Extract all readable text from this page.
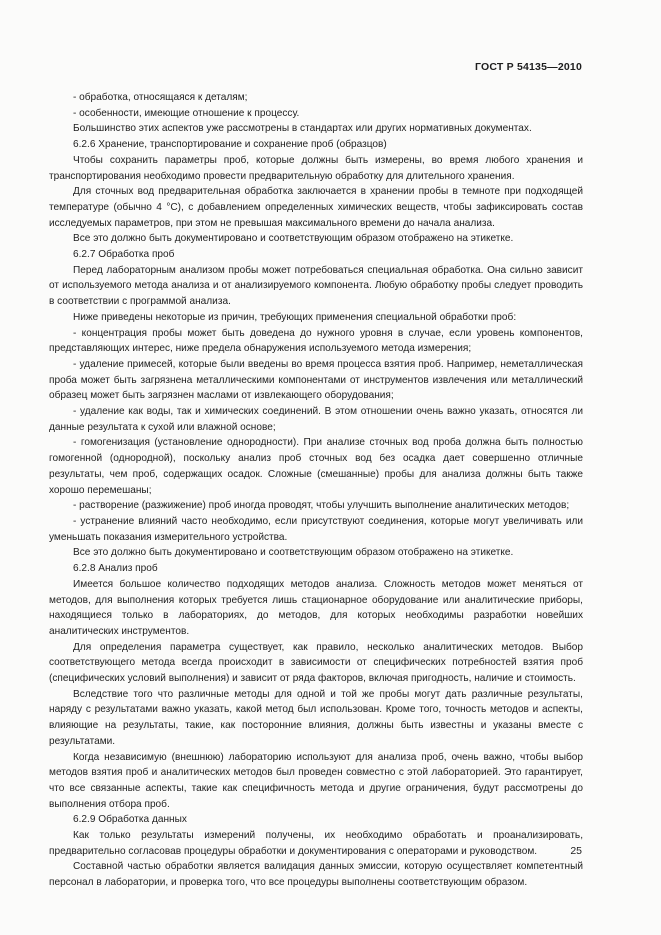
ГОСТ Р 54135—2010

- обработка, относящаяся к деталям;

- особенности, имеющие отношение к процессу.

Большинство этих аспектов уже рассмотрены в стандартах или других нормативных документах.

6.2.6 Хранение, транспортирование и сохранение проб (образцов)

Чтобы сохранить параметры проб, которые должны быть измерены, во время любого хранения и транспортирования необходимо провести предварительную обработку для длительного хранения.

Для сточных вод предварительная обработка заключается в хранении пробы в темноте при подходящей температуре (обычно 4 °C), с добавлением определенных химических веществ, чтобы зафиксировать состав исследуемых параметров, при этом не превышая максимального времени до начала анализа.

Все это должно быть документировано и соответствующим образом отображено на этикетке.

6.2.7 Обработка проб

Перед лабораторным анализом пробы может потребоваться специальная обработка. Она сильно зависит от используемого метода анализа и от анализируемого компонента. Любую обработку пробы следует проводить в соответствии с программой анализа.

Ниже приведены некоторые из причин, требующих применения специальной обработки проб:

- концентрация пробы может быть доведена до нужного уровня в случае, если уровень компонентов, представляющих интерес, ниже предела обнаружения используемого метода измерения;

- удаление примесей, которые были введены во время процесса взятия проб. Например, неметаллическая проба может быть загрязнена металлическими компонентами от инструментов извлечения или металлический образец может быть загрязнен маслами от извлекающего оборудования;

- удаление как воды, так и химических соединений. В этом отношении очень важно указать, относятся ли данные результата к сухой или влажной основе;

- гомогенизация (установление однородности). При анализе сточных вод проба должна быть полностью гомогенной (однородной), поскольку анализ проб сточных вод без осадка дает совершенно отличные результаты, чем проб, содержащих осадок. Сложные (смешанные) пробы для анализа должны быть также хорошо перемешаны;

- растворение (разжижение) проб иногда проводят, чтобы улучшить выполнение аналитических методов;

- устранение влияний часто необходимо, если присутствуют соединения, которые могут увеличивать или уменьшать показания измерительного устройства.

Все это должно быть документировано и соответствующим образом отображено на этикетке.

6.2.8 Анализ проб

Имеется большое количество подходящих методов анализа. Сложность методов может меняться от методов, для выполнения которых требуется лишь стационарное оборудование или аналитические приборы, находящиеся только в лабораториях, до методов, для которых необходимы разработки новейших аналитических инструментов.

Для определения параметра существует, как правило, несколько аналитических методов. Выбор соответствующего метода всегда происходит в зависимости от специфических потребностей взятия проб (специфических условий выполнения) и зависит от ряда факторов, включая пригодность, наличие и стоимость.

Вследствие того что различные методы для одной и той же пробы могут дать различные результаты, наряду с результатами важно указать, какой метод был использован. Кроме того, точность методов и аспекты, влияющие на результаты, такие, как посторонние влияния, должны быть известны и указаны вместе с результатами.

Когда независимую (внешнюю) лабораторию используют для анализа проб, очень важно, чтобы выбор методов взятия проб и аналитических методов был проведен совместно с этой лабораторией. Это гарантирует, что все связанные аспекты, такие как специфичность метода и другие ограничения, будут рассмотрены до выполнения отбора проб.

6.2.9 Обработка данных

Как только результаты измерений получены, их необходимо обработать и проанализировать, предварительно согласовав процедуры обработки и документирования с операторами и руководством.

Составной частью обработки является валидация данных эмиссии, которую осуществляет компетентный персонал в лаборатории, и проверка того, что все процедуры выполнены соответствующим образом.

25
